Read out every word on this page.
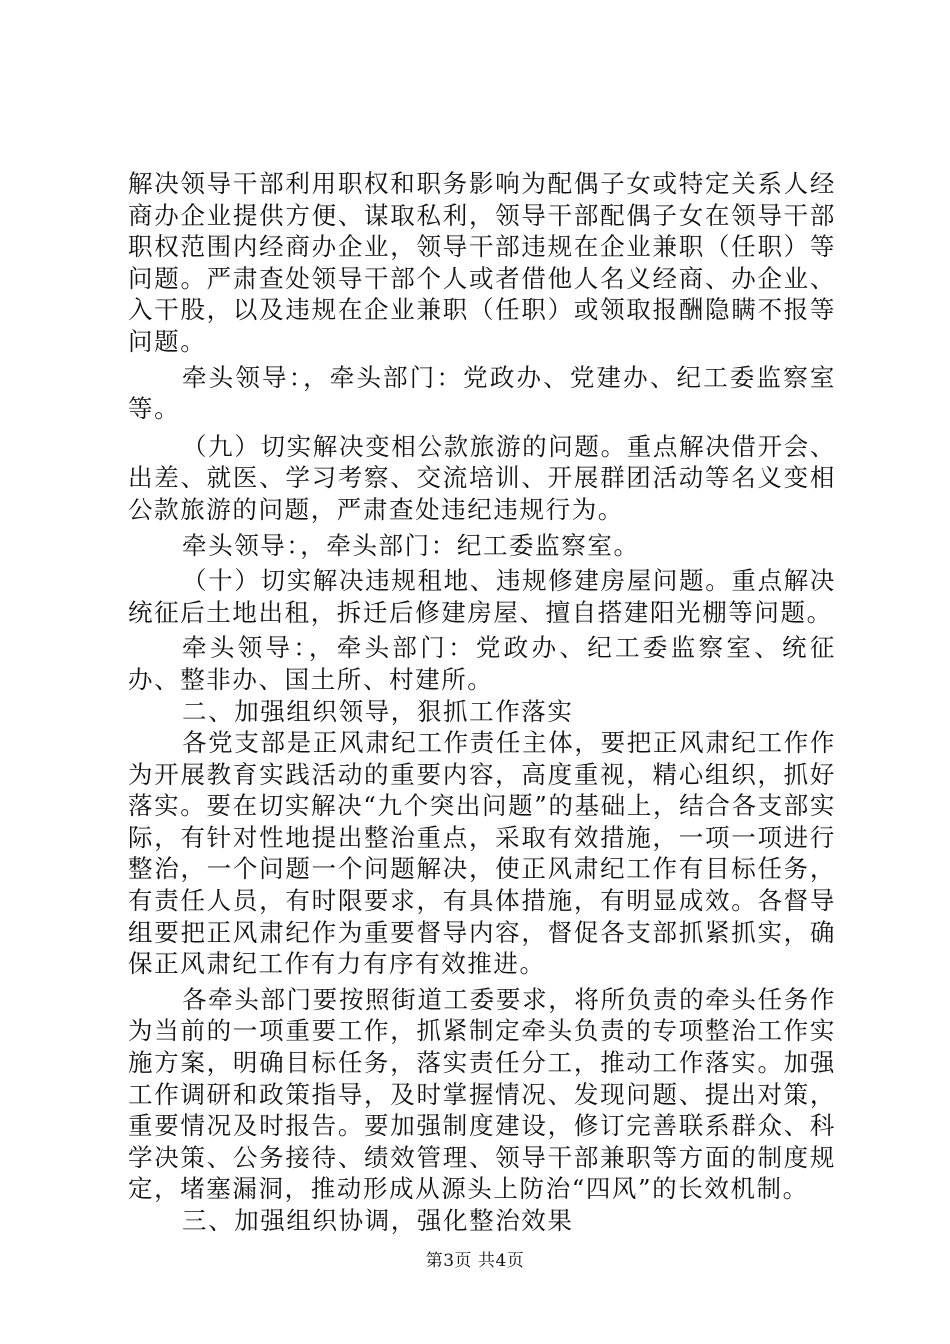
解决领导干部利用职权和职务影响为配偶子女或特定关系人经商办企业提供方便、谋取私利，领导干部配偶子女在领导干部职权范围内经商办企业，领导干部违规在企业兼职（任职）等问题。严肃查处领导干部个人或者借他人名义经商、办企业、入干股，以及违规在企业兼职（任职）或领取报酬隐瞒不报等问题。

牵头领导：，牵头部门：党政办、党建办、纪工委监察室等。

（九）切实解决变相公款旅游的问题。重点解决借开会、出差、就医、学习考察、交流培训、开展群团活动等名义变相公款旅游的问题，严肃查处违纪违规行为。

牵头领导：，牵头部门：纪工委监察室。

（十）切实解决违规租地、违规修建房屋问题。重点解决统征后土地出租，拆迁后修建房屋、擅自搭建阳光棚等问题。

牵头领导：，牵头部门：党政办、纪工委监察室、统征办、整非办、国土所、村建所。

二、加强组织领导，狠抓工作落实

各党支部是正风肃纪工作责任主体，要把正风肃纪工作作为开展教育实践活动的重要内容，高度重视，精心组织，抓好落实。要在切实解决“九个突出问题”的基础上，结合各支部实际，有针对性地提出整治重点，采取有效措施，一项一项进行整治，一个问题一个问题解决，使正风肃纪工作有目标任务，有责任人员，有时限要求，有具体措施，有明显成效。各督导组要把正风肃纪作为重要督导内容，督促各支部抓紧抓实，确保正风肃纪工作有力有序有效推进。

各牵头部门要按照街道工委要求，将所负责的牵头任务作为当前的一项重要工作，抓紧制定牵头负责的专项整治工作实施方案，明确目标任务，落实责任分工，推动工作落实。加强工作调研和政策指导，及时掌握情况、发现问题、提出对策，重要情况及时报告。要加强制度建设，修订完善联系群众、科学决策、公务接待、绩效管理、领导干部兼职等方面的制度规定，堵塞漏洞，推动形成从源头上防治“四风”的长效机制。

三、加强组织协调，强化整治效果

第3页 共4页
